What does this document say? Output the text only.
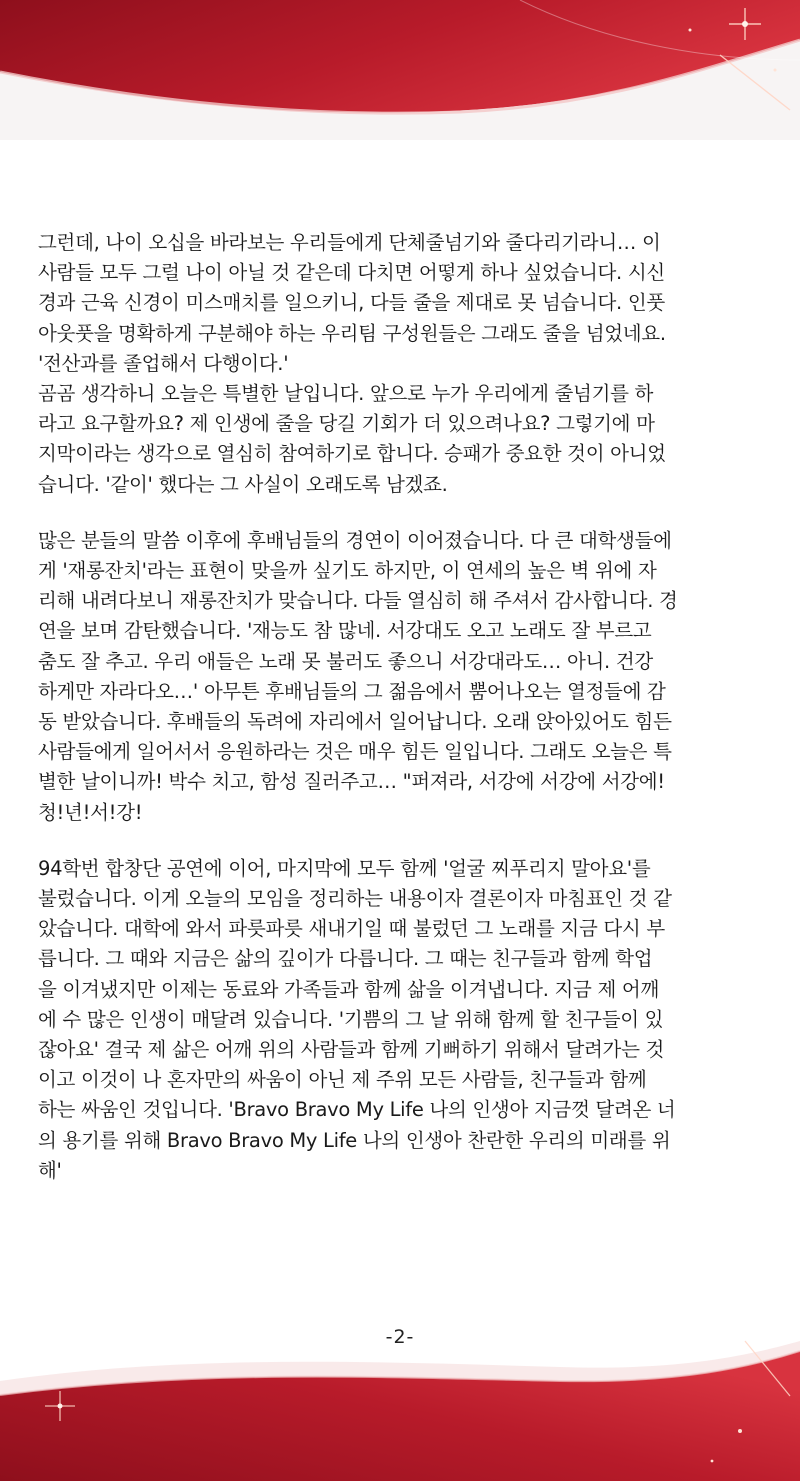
그런데, 나이 오십을 바라보는 우리들에게 단체줄넘기와 줄다리기라니… 이
사람들 모두 그럴 나이 아닐 것 같은데 다치면 어떻게 하나 싶었습니다. 시신
경과 근육 신경이 미스매치를 일으키니, 다들 줄을 제대로 못 넘습니다. 인풋
아웃풋을 명확하게 구분해야 하는 우리팀 구성원들은 그래도 줄을 넘었네요.
'전산과를 졸업해서 다행이다.'
곰곰 생각하니 오늘은 특별한 날입니다. 앞으로 누가 우리에게 줄넘기를 하
라고 요구할까요? 제 인생에 줄을 당길 기회가 더 있으려나요? 그렇기에 마
지막이라는 생각으로 열심히 참여하기로 합니다. 승패가 중요한 것이 아니었
습니다. '같이' 했다는 그 사실이 오래도록 남겠죠.

많은 분들의 말씀 이후에 후배님들의 경연이 이어졌습니다. 다 큰 대학생들에
게 '재롱잔치'라는 표현이 맞을까 싶기도 하지만, 이 연세의 높은 벽 위에 자
리해 내려다보니 재롱잔치가 맞습니다. 다들 열심히 해 주셔서 감사합니다. 경
연을 보며 감탄했습니다. '재능도 참 많네. 서강대도 오고 노래도 잘 부르고
춤도 잘 추고. 우리 애들은 노래 못 불러도 좋으니 서강대라도… 아니. 건강
하게만 자라다오…' 아무튼 후배님들의 그 젊음에서 뿜어나오는 열정들에 감
동 받았습니다. 후배들의 독려에 자리에서 일어납니다. 오래 앉아있어도 힘든
사람들에게 일어서서 응원하라는 것은 매우 힘든 일입니다. 그래도 오늘은 특
별한 날이니까! 박수 치고, 함성 질러주고… "퍼져라, 서강에 서강에 서강에!
청!년!서!강!

94학번 합창단 공연에 이어, 마지막에 모두 함께 '얼굴 찌푸리지 말아요'를
불렀습니다. 이게 오늘의 모임을 정리하는 내용이자 결론이자 마침표인 것 같
았습니다. 대학에 와서 파릇파릇 새내기일 때 불렀던 그 노래를 지금 다시 부
릅니다. 그 때와 지금은 삶의 깊이가 다릅니다. 그 때는 친구들과 함께 학업
을 이겨냈지만 이제는 동료와 가족들과 함께 삶을 이겨냅니다. 지금 제 어깨
에 수 많은 인생이 매달려 있습니다. '기쁨의 그 날 위해 함께 할 친구들이 있
잖아요' 결국 제 삶은 어깨 위의 사람들과 함께 기뻐하기 위해서 달려가는 것
이고 이것이 나 혼자만의 싸움이 아닌 제 주위 모든 사람들, 친구들과 함께
하는 싸움인 것입니다. 'Bravo Bravo My Life 나의 인생아 지금껏 달려온 너
의 용기를 위해 Bravo Bravo My Life 나의 인생아 찬란한 우리의 미래를 위
해'

-2-
